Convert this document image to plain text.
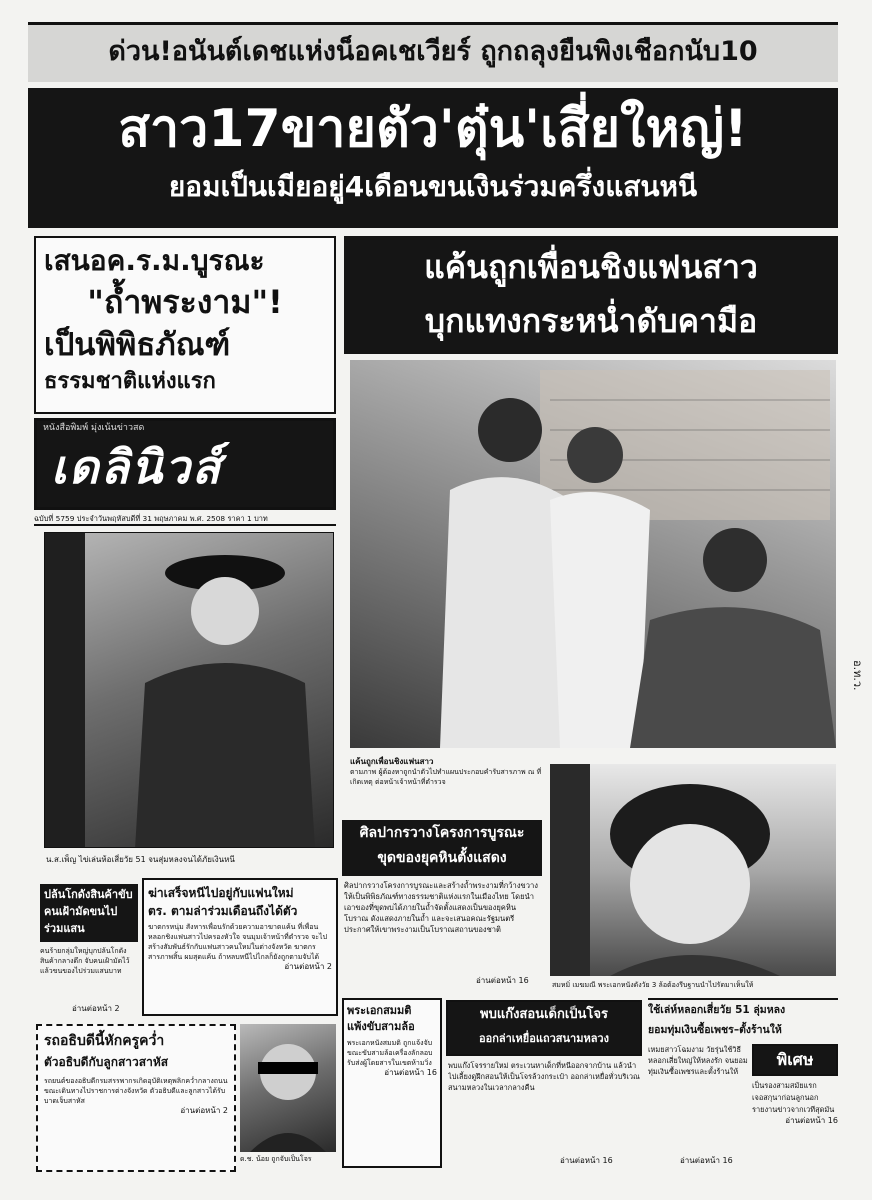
ด่วน!อนันต์เดชแห่งน็อคเชเวียร์ ถูกถลุงยืนพิงเชือกนับ10
สาว17ขายตัว'ตุ๋น'เสี่ยใหญ่!
ยอมเป็นเมียอยู่4เดือนขนเงินร่วมครึ่งแสนหนี
เสนอค.ร.ม.บูรณะ
"ถ้ำพระงาม"!
เป็นพิพิธภัณฑ์
ธรรมชาติแห่งแรก
แค้นถูกเพื่อนชิงแฟนสาว
บุกแทงกระหน่ำดับคามือ
หนังสือพิมพ์ มุ่งเน้นข่าวสด
เดลินิวส์
ฉบับที่ 5759 ประจำวันพฤหัสบดีที่ 31 พฤษภาคม พ.ศ. 2508 ราคา 1 บาท
อ.ท.ว.
น.ส.เพ็ญ ไข่เล่นห้อเสี่ยวัย 51 จนสุ่มหลงจนได้ภัยเงินหนี
แค้นถูกเพื่อนชิงแฟนสาว
ตามภาพ ผู้ต้องหาถูกนำตัวไปทำแผนประกอบคำรับสารภาพ ณ ที่เกิดเหตุ ต่อหน้าเจ้าหน้าที่ตำรวจ
ศิลปากรวางโครงการบูรณะ
ขุดของยุคหินตั้งแสดง
ศิลปากรวางโครงการบูรณะและสร้างถ้ำพระงามที่กว้างขวาง ให้เป็นพิพิธภัณฑ์ทางธรรมชาติแห่งแรกในเมืองไทย โดยนำเอาของที่ขุดพบได้ภายในถ้ำจัดตั้งแสดงเป็นของยุคหินโบราณ ดังแสดงภายในถ้ำ และจะเสนอคณะรัฐมนตรีประกาศให้เขาพระงามเป็นโบราณสถานของชาติ
อ่านต่อหน้า 16	สมหมิ่ เมฆมณี พระเอกหนังดังวัย 3 ล้อต้องรีบฐานนำไปรัดมาเห็นให้
ปล้นโกดังสินค้าขับคนเฝ้ามัดขนไปร่วมแสน
คนร้ายกลุ่มใหญ่บุกปล้นโกดังสินค้ากลางดึก จับคนเฝ้ามัดไว้แล้วขนของไปร่วมแสนบาท
อ่านต่อหน้า 2
ฆ่าเสร็จหนีไปอยู่กับแฟนใหม่
ตร. ตามล่าร่วมเดือนถึงได้ตัว
ฆาตกรหนุ่ม สังหารเพื่อนรักด้วยความอาฆาตแค้น ที่เพื่อนหลอกชิงแฟนสาวไปครองหัวใจ จนมุมเจ้าหน้าที่ตำรวจ จะไปสร้างสัมพันธ์รักกับแฟนสาวคนใหม่ในต่างจังหวัด ฆาตกรสารภาพสิ้น ผมสุดแค้น ถ้าหลบหนีไปไกลก็ยังถูกตามจับได้
อ่านต่อหน้า 2
รถอธิบดีนี้หักครูคว่ำ
ตัวอธิบดีกับลูกสาวสาหัส
รถยนต์ของอธิบดีกรมสรรพากรเกิดอุบัติเหตุพลิกคว่ำกลางถนน ขณะเดินทางไปราชการต่างจังหวัด ตัวอธิบดีและลูกสาวได้รับบาดเจ็บสาหัส
อ่านต่อหน้า 2
ด.ช. น้อย ถูกจับเป็นโจร
พระเอกสมมติ
แพ้งขับสามล้อ
พระเอกหนังสมมติ ถูกแจ้งจับ ขณะขับสามล้อเครื่องลักลอบ รับส่งผู้โดยสารในเขตห้ามวิ่ง
อ่านต่อหน้า 16
พบแก๊งสอนเด็กเป็นโจร
ออกล่าเหยื่อแถวสนามหลวง
พบแก๊งโจรรายใหม่ ตระเวนหาเด็กที่หนีออกจากบ้าน แล้วนำไปเลี้ยงดูฝึกสอนให้เป็นโจรล้วงกระเป๋า ออกล่าเหยื่อทั่วบริเวณสนามหลวงในเวลากลางคืน
อ่านต่อหน้า 16
ใช้เล่ห์หลอกเสี่ยวัย 51 ลุ่มหลง
ยอมทุ่มเงินซื้อเพชร–ตั้งร้านให้
เหมยสาวโฉมงาม วัยรุ่นใช้วิธีหลอกเสี่ยใหญ่ให้หลงรัก จนยอมทุ่มเงินซื้อเพชรและตั้งร้านให้
อ่านต่อหน้า 16
พิเศษ
เป็นรองสามสมัยแรก
เจอสกุนาก่อนลูกนอก
รายงานข่าวจากเวทีสุดมัน
อ่านต่อหน้า 16
